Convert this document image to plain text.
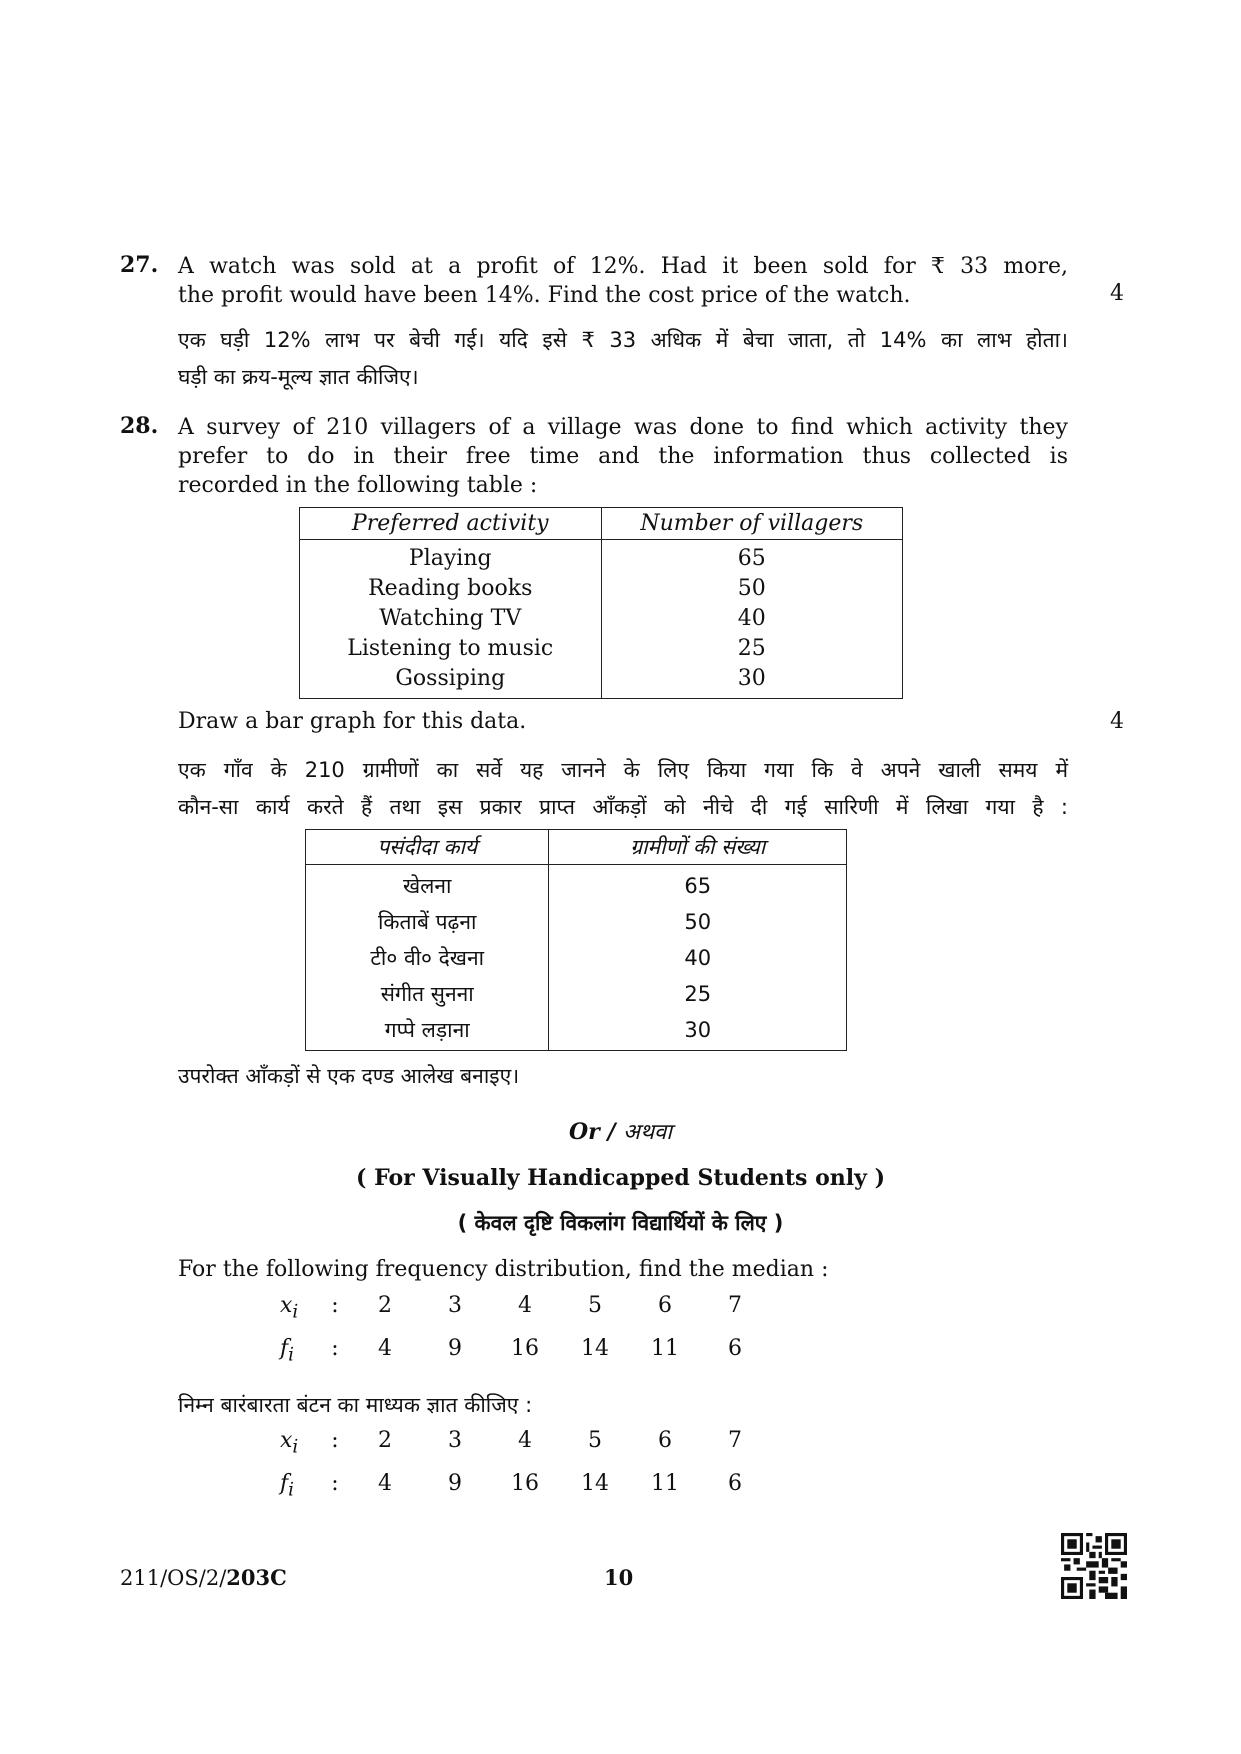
27. A watch was sold at a profit of 12%. Had it been sold for ₹ 33 more,
the profit would have been 14%. Find the cost price of the watch.	4
एक घड़ी 12% लाभ पर बेची गई। यदि इसे ₹ 33 अधिक में बेचा जाता, तो 14% का लाभ होता।
घड़ी का क्रय-मूल्य ज्ञात कीजिए।
28. A survey of 210 villagers of a village was done to find which activity they
prefer to do in their free time and the information thus collected is
recorded in the following table :
Preferred activity	Number of villagers
Playing	65
Reading books	50
Watching TV	40
Listening to music	25
Gossiping	30
Draw a bar graph for this data.	4
एक गाँव के 210 ग्रामीणों का सर्वे यह जानने के लिए किया गया कि वे अपने खाली समय में
कौन-सा कार्य करते हैं तथा इस प्रकार प्राप्त आँकड़ों को नीचे दी गई सारिणी में लिखा गया है :
पसंदीदा कार्य	ग्रामीणों की संख्या
खेलना	65
किताबें पढ़ना	50
टी० वी० देखना	40
संगीत सुनना	25
गप्पे लड़ाना	30
उपरोक्त आँकड़ों से एक दण्ड आलेख बनाइए।
Or / अथवा
( For Visually Handicapped Students only )
( केवल दृष्टि विकलांग विद्यार्थियों के लिए )
For the following frequency distribution, find the median :
$x_i$	:	2	3	4	5	6	7
$f_i$	:	4	9	16	14	11	6
निम्न बारंबारता बंटन का माध्यक ज्ञात कीजिए :
$x_i$	:	2	3	4	5	6	7
$f_i$	:	4	9	16	14	11	6
211/OS/2/203C	10
